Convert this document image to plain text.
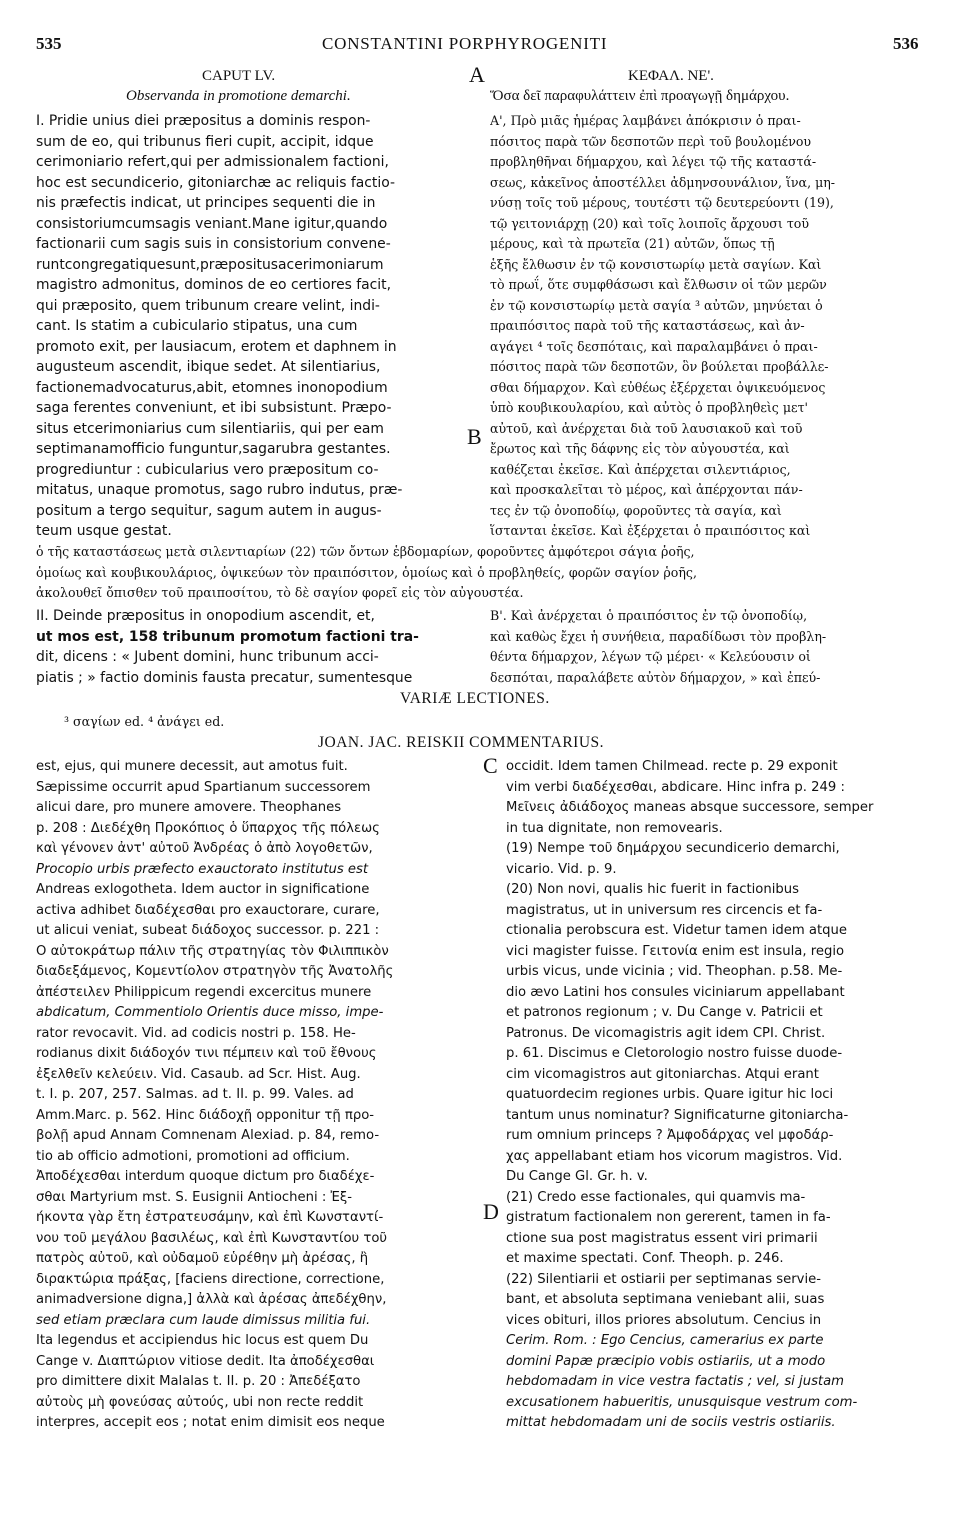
535	CONSTANTINI PORPHYROGENITI	536
CAPUT LV.
Observanda in promotione demarchi.
ΚΕΦΑΛ. ΝΕ'.
Ὅσα δεῖ παραφυλάττειν ἐπὶ προαγωγῇ δημάρχου.
A
B
I. Pridie unius diei præpositus a dominis respon-
sum de eo, qui tribunus fieri cupit, accipit, idque
cerimoniario refert,qui per admissionalem factioni,
hoc est secundicerio, gitoniarchæ ac reliquis factio-
nis præfectis indicat, ut principes sequenti die in
consistoriumcumsagis veniant.Mane igitur,quando
factionarii cum sagis suis in consistorium convene-
runtcongregatiquesunt,præpositusacerimoniarum
magistro admonitus, dominos de eo certiores facit,
qui præposito, quem tribunum creare velint, indi-
cant. Is statim a cubiculario stipatus, una cum
promoto exit, per lausiacum, erotem et daphnem in
augusteum ascendit, ibique sedet. At silentiarius,
factionemadvocaturus,abit, etomnes inonopodium
saga ferentes conveniunt, et ibi subsistunt. Præpo-
situs etcerimoniarius cum silentiariis, qui per eam
septimanamofficio funguntur,sagarubra gestantes.
progrediuntur : cubicularius vero præpositum co-
mitatus, unaque promotus, sago rubro indutus, præ-
positum a tergo sequitur, sagum autem in augus-
teum usque gestat.
Α', Πρὸ μιᾶς ἡμέρας λαμβάνει ἀπόκρισιν ὁ πραι-
πόσιτος παρὰ τῶν δεσποτῶν περὶ τοῦ βουλομένου
προβληθῆναι δήμαρχου, καὶ λέγει τῷ τῆς καταστά-
σεως, κἀκεῖνος ἀποστέλλει ἀδμηνσουνάλιον, ἵνα, μη-
νύσῃ τοῖς τοῦ μέρους, τουτέστι τῷ δευτερεύοντι (19),
τῷ γειτονιάρχῃ (20) καὶ τοῖς λοιποῖς ἄρχουσι τοῦ
μέρους, καὶ τὰ πρωτεῖα (21) αὐτῶν, ὅπως τῇ
ἑξῆς ἔλθωσιν ἐν τῷ κονσιστωρίῳ μετὰ σαγίων. Καὶ
τὸ πρωΐ, ὅτε συμφθάσωσι καὶ ἔλθωσιν οἱ τῶν μερῶν
ἐν τῷ κονσιστωρίῳ μετὰ σαγία ³ αὐτῶν, μηνύεται ὁ
πραιπόσιτος παρὰ τοῦ τῆς καταστάσεως, καὶ ἀν-
αγάγει ⁴ τοῖς δεσπόταις, καὶ παραλαμβάνει ὁ πραι-
πόσιτος παρὰ τῶν δεσποτῶν, ὃν βούλεται προβάλλε-
σθαι δήμαρχον. Καὶ εὐθέως ἐξέρχεται ὀψικευόμενος
ὑπὸ κουβικουλαρίου, καὶ αὐτὸς ὁ προβληθεὶς μετ'
αὐτοῦ, καὶ ἀνέρχεται διὰ τοῦ λαυσιακοῦ καὶ τοῦ
ἔρωτος καὶ τῆς δάφνης εἰς τὸν αὐγουστέα, καὶ
καθέζεται ἐκεῖσε. Καὶ ἀπέρχεται σιλεντιάριος,
καὶ προσκαλεῖται τὸ μέρος, καὶ ἀπέρχονται πάν-
τες ἐν τῷ ὀνοποδίῳ, φοροῦντες τὰ σαγία, καὶ
ἵστανται ἐκεῖσε. Καὶ ἐξέρχεται ὁ πραιπόσιτος καὶ
ὁ τῆς καταστάσεως μετὰ σιλεντιαρίων (22) τῶν ὄντων ἑβδομαρίων, φοροῦντες ἀμφότεροι σάγια ῥοῆς,
ὁμοίως καὶ κουβικουλάριος, ὀψικεύων τὸν πραιπόσιτον, ὁμοίως καὶ ὁ προβληθείς, φορῶν σαγίον ῥοῆς,
ἀκολουθεῖ ὄπισθεν τοῦ πραιποσίτου, τὸ δὲ σαγίον φορεῖ εἰς τὸν αὐγουστέα.
II. Deinde præpositus in onopodium ascendit, et,
ut mos est, 158 tribunum promotum factioni tra-
dit, dicens : « Jubent domini, hunc tribunum acci-
piatis ; » factio dominis fausta precatur, sumentesque
Β'. Καὶ ἀνέρχεται ὁ πραιπόσιτος ἐν τῷ ὀνοποδίῳ,
καὶ καθὼς ἔχει ἡ συνήθεια, παραδίδωσι τὸν προβλη-
θέντα δήμαρχον, λέγων τῷ μέρει· « Κελεύουσιν οἱ
δεσπόται, παραλάβετε αὐτὸν δήμαρχον, » καὶ ἐπεύ-
VARIÆ LECTIONES.
³ σαγίων ed. ⁴ ἀνάγει ed.
JOAN. JAC. REISKII COMMENTARIUS.
C
D
est, ejus, qui munere decessit, aut amotus fuit.
Sæpissime occurrit apud Spartianum successorem
alicui dare, pro munere amovere. Theophanes
p. 208 : Διεδέχθη Προκόπιος ὁ ὕπαρχος τῆς πόλεως
καὶ γένονεν ἀντ' αὐτοῦ Ἀνδρέας ὁ ἀπὸ λογοθετῶν,
Procopio urbis præfecto exauctorato institutus est
Andreas exlogotheta. Idem auctor in significatione
activa adhibet διαδέχεσθαι pro exauctorare, curare,
ut alicui veniat, subeat διάδοχος successor. p. 221 :
Ο αὐτοκράτωρ πάλιν τῆς στρατηγίας τὸν Φιλιππικὸν
διαδεξάμενος, Κομεντίολον στρατηγὸν τῆς Ἀνατολῆς
ἀπέστειλεν Philippicum regendi excercitus munere
abdicatum, Commentiolo Orientis duce misso, impe-
rator revocavit. Vid. ad codicis nostri p. 158. He-
rodianus dixit διάδοχόν τινι πέμπειν καὶ τοῦ ἔθνους
ἐξελθεῖν κελεύειν. Vid. Casaub. ad Scr. Hist. Aug.
t. I. p. 207, 257. Salmas. ad t. II. p. 99. Vales. ad
Amm.Marc. p. 562. Hinc διάδοχῇ opponitur τῇ προ-
βολῇ apud Annam Comnenam Alexiad. p. 84, remo-
tio ab officio admotioni, promotioni ad officium.
Ἀποδέχεσθαι interdum quoque dictum pro διαδέχε-
σθαι Martyrium mst. S. Eusignii Antiocheni : Ἐξ-
ήκοντα γὰρ ἔτη ἐστρατευσάμην, καὶ ἐπὶ Κωνσταντί-
νου τοῦ μεγάλου βασιλέως, καὶ ἐπὶ Κωνσταντίου τοῦ
πατρὸς αὐτοῦ, καὶ οὐδαμοῦ εὑρέθην μὴ ἀρέσας, ἢ
διρακτώρια πράξας, [faciens directione, correctione,
animadversione digna,] ἀλλὰ καὶ ἀρέσας ἀπεδέχθην,
sed etiam præclara cum laude dimissus militia fui.
Ita legendus et accipiendus hic locus est quem Du
Cange v. Διαπτώριον vitiose dedit. Ita ἀποδέχεσθαι
pro dimittere dixit Malalas t. II. p. 20 : Ἀπεδέξατο
αὐτοὺς μὴ φονεύσας αὐτούς, ubi non recte reddit
interpres, accepit eos ; notat enim dimisit eos neque
occidit. Idem tamen Chilmead. recte p. 29 exponit
vim verbi διαδέχεσθαι, abdicare. Hinc infra p. 249 :
Μεῖνεις ἀδιάδοχος maneas absque successore, semper
in tua dignitate, non removearis.
(19) Nempe τοῦ δημάρχου secundicerio demarchi,
vicario. Vid. p. 9.
(20) Non novi, qualis hic fuerit in factionibus
magistratus, ut in universum res circencis et fa-
ctionalia perobscura est. Videtur tamen idem atque
vici magister fuisse. Γειτονία enim est insula, regio
urbis vicus, unde vicinia ; vid. Theophan. p.58. Me-
dio ævo Latini hos consules viciniarum appellabant
et patronos regionum ; v. Du Cange v. Patricii et
Patronus. De vicomagistris agit idem CPI. Christ.
p. 61. Discimus e Cletorologio nostro fuisse duode-
cim vicomagistros aut gitoniarchas. Atqui erant
quatuordecim regiones urbis. Quare igitur hic loci
tantum unus nominatur? Significaturne gitoniarcha-
rum omnium princeps ? Ἀμφοδάρχας vel μφοδάρ-
χας appellabant etiam hos vicorum magistros. Vid.
Du Cange Gl. Gr. h. v.
(21) Credo esse factionales, qui quamvis ma-
gistratum factionalem non gererent, tamen in fa-
ctione sua post magistratus essent viri primarii
et maxime spectati. Conf. Theoph. p. 246.
(22) Silentiarii et ostiarii per septimanas servie-
bant, et absoluta septimana veniebant alii, suas
vices obituri, illos priores absolutum. Cencius in
Cerim. Rom. : Ego Cencius, camerarius ex parte
domini Papæ præcipio vobis ostiariis, ut a modo
hebdomadam in vice vestra factatis ; vel, si justam
excusationem habueritis, unusquisque vestrum com-
mittat hebdomadam uni de sociis vestris ostiariis.
